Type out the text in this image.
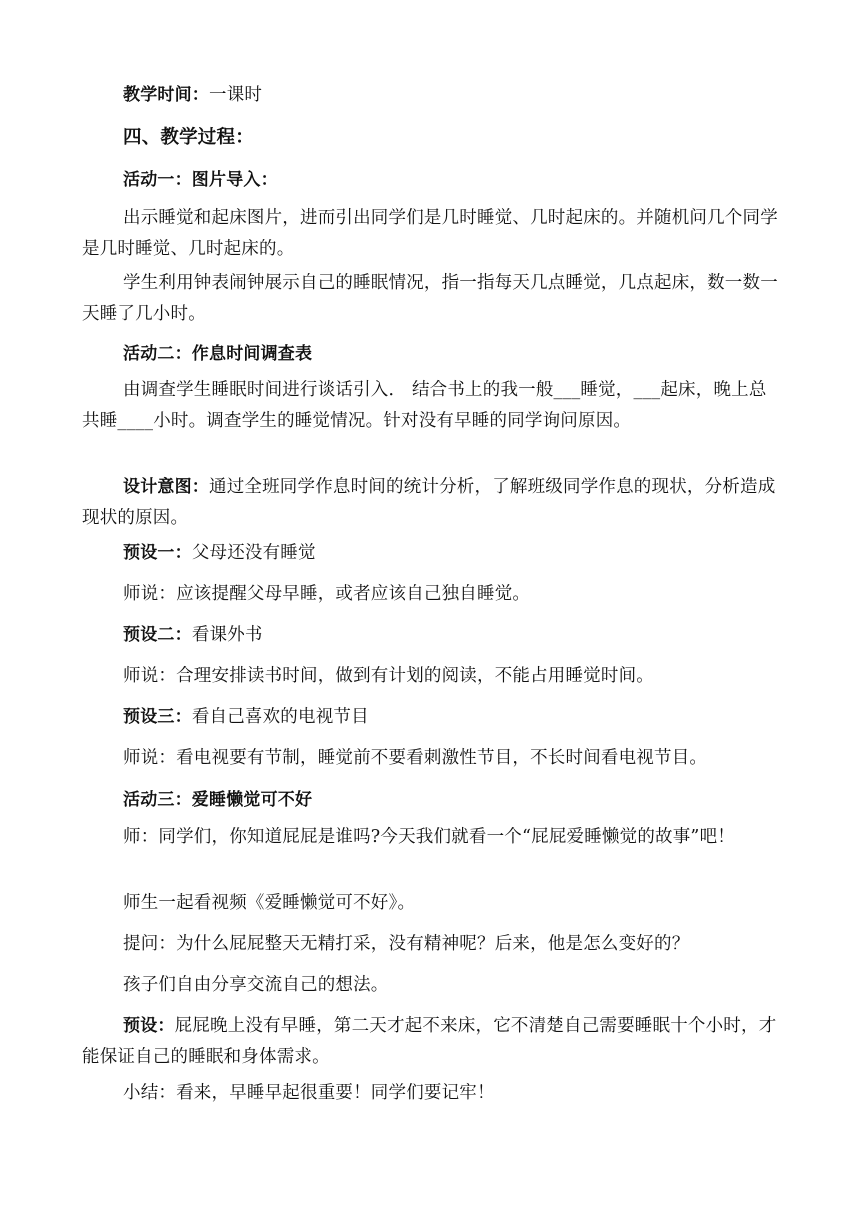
教学时间：一课时

四、教学过程：

活动一：图片导入：

出示睡觉和起床图片，进而引出同学们是几时睡觉、几时起床的。并随机问几个同学是几时睡觉、几时起床的。

学生利用钟表闹钟展示自己的睡眠情况，指一指每天几点睡觉，几点起床，数一数一天睡了几小时。

活动二：作息时间调查表

由调查学生睡眠时间进行谈话引入． 结合书上的我一般___睡觉，___起床，晚上总共睡____小时。调查学生的睡觉情况。针对没有早睡的同学询问原因。

设计意图：通过全班同学作息时间的统计分析，了解班级同学作息的现状，分析造成现状的原因。

预设一：父母还没有睡觉

师说：应该提醒父母早睡，或者应该自己独自睡觉。

预设二：看课外书

师说：合理安排读书时间，做到有计划的阅读，不能占用睡觉时间。

预设三：看自己喜欢的电视节目

师说：看电视要有节制，睡觉前不要看刺激性节目，不长时间看电视节目。

活动三：爱睡懒觉可不好

师：同学们，你知道屁屁是谁吗?今天我们就看一个“屁屁爱睡懒觉的故事”吧！

师生一起看视频《爱睡懒觉可不好》。

提问：为什么屁屁整天无精打采，没有精神呢？后来，他是怎么变好的？

孩子们自由分享交流自己的想法。

预设：屁屁晚上没有早睡，第二天才起不来床，它不清楚自己需要睡眠十个小时，才能保证自己的睡眠和身体需求。

小结：看来，早睡早起很重要！同学们要记牢！
